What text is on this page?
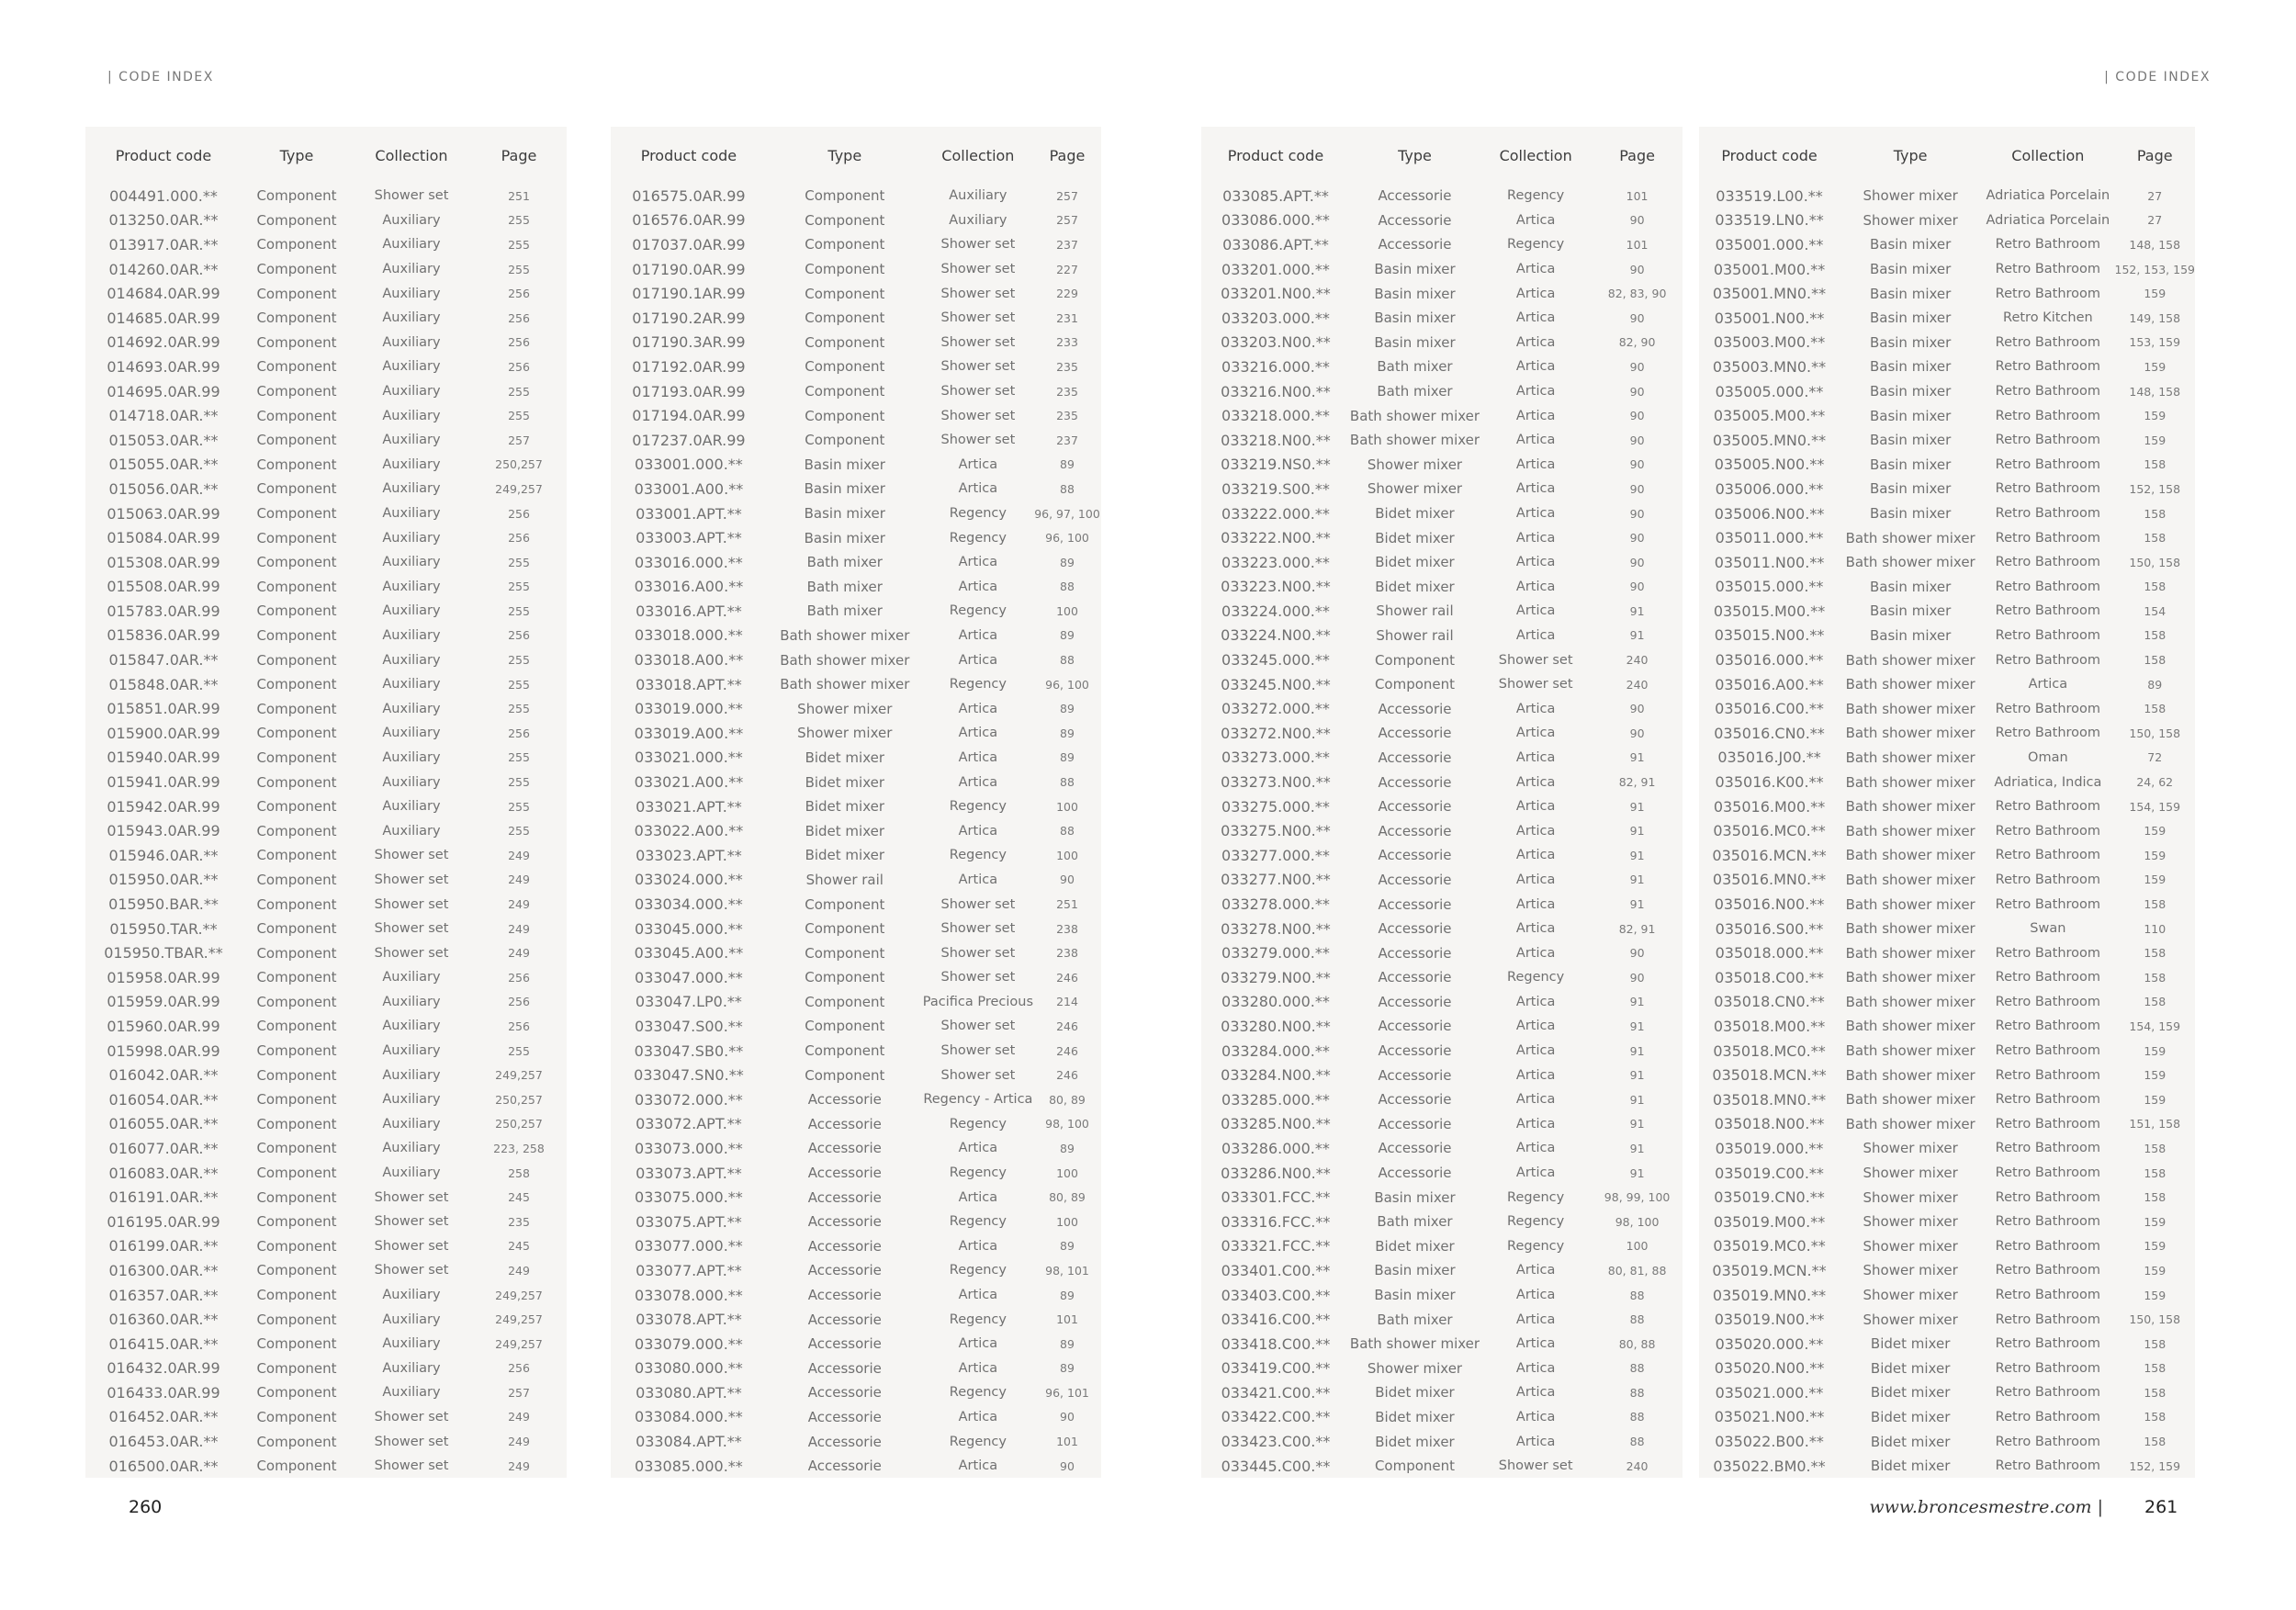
| CODE INDEX	| CODE INDEX
Product code	Type	Collection	Page
004491.000.**	Component	Shower set	251
013250.0AR.**	Component	Auxiliary	255
013917.0AR.**	Component	Auxiliary	255
014260.0AR.**	Component	Auxiliary	255
014684.0AR.99	Component	Auxiliary	256
014685.0AR.99	Component	Auxiliary	256
014692.0AR.99	Component	Auxiliary	256
014693.0AR.99	Component	Auxiliary	256
014695.0AR.99	Component	Auxiliary	255
014718.0AR.**	Component	Auxiliary	255
015053.0AR.**	Component	Auxiliary	257
015055.0AR.**	Component	Auxiliary	250,257
015056.0AR.**	Component	Auxiliary	249,257
015063.0AR.99	Component	Auxiliary	256
015084.0AR.99	Component	Auxiliary	256
015308.0AR.99	Component	Auxiliary	255
015508.0AR.99	Component	Auxiliary	255
015783.0AR.99	Component	Auxiliary	255
015836.0AR.99	Component	Auxiliary	256
015847.0AR.**	Component	Auxiliary	255
015848.0AR.**	Component	Auxiliary	255
015851.0AR.99	Component	Auxiliary	255
015900.0AR.99	Component	Auxiliary	256
015940.0AR.99	Component	Auxiliary	255
015941.0AR.99	Component	Auxiliary	255
015942.0AR.99	Component	Auxiliary	255
015943.0AR.99	Component	Auxiliary	255
015946.0AR.**	Component	Shower set	249
015950.0AR.**	Component	Shower set	249
015950.BAR.**	Component	Shower set	249
015950.TAR.**	Component	Shower set	249
015950.TBAR.**	Component	Shower set	249
015958.0AR.99	Component	Auxiliary	256
015959.0AR.99	Component	Auxiliary	256
015960.0AR.99	Component	Auxiliary	256
015998.0AR.99	Component	Auxiliary	255
016042.0AR.**	Component	Auxiliary	249,257
016054.0AR.**	Component	Auxiliary	250,257
016055.0AR.**	Component	Auxiliary	250,257
016077.0AR.**	Component	Auxiliary	223, 258
016083.0AR.**	Component	Auxiliary	258
016191.0AR.**	Component	Shower set	245
016195.0AR.99	Component	Shower set	235
016199.0AR.**	Component	Shower set	245
016300.0AR.**	Component	Shower set	249
016357.0AR.**	Component	Auxiliary	249,257
016360.0AR.**	Component	Auxiliary	249,257
016415.0AR.**	Component	Auxiliary	249,257
016432.0AR.99	Component	Auxiliary	256
016433.0AR.99	Component	Auxiliary	257
016452.0AR.**	Component	Shower set	249
016453.0AR.**	Component	Shower set	249
016500.0AR.**	Component	Shower set	249
Product code	Type	Collection	Page
016575.0AR.99	Component	Auxiliary	257
016576.0AR.99	Component	Auxiliary	257
017037.0AR.99	Component	Shower set	237
017190.0AR.99	Component	Shower set	227
017190.1AR.99	Component	Shower set	229
017190.2AR.99	Component	Shower set	231
017190.3AR.99	Component	Shower set	233
017192.0AR.99	Component	Shower set	235
017193.0AR.99	Component	Shower set	235
017194.0AR.99	Component	Shower set	235
017237.0AR.99	Component	Shower set	237
033001.000.**	Basin mixer	Artica	89
033001.A00.**	Basin mixer	Artica	88
033001.APT.**	Basin mixer	Regency	96, 97, 100
033003.APT.**	Basin mixer	Regency	96, 100
033016.000.**	Bath mixer	Artica	89
033016.A00.**	Bath mixer	Artica	88
033016.APT.**	Bath mixer	Regency	100
033018.000.**	Bath shower mixer	Artica	89
033018.A00.**	Bath shower mixer	Artica	88
033018.APT.**	Bath shower mixer	Regency	96, 100
033019.000.**	Shower mixer	Artica	89
033019.A00.**	Shower mixer	Artica	89
033021.000.**	Bidet mixer	Artica	89
033021.A00.**	Bidet mixer	Artica	88
033021.APT.**	Bidet mixer	Regency	100
033022.A00.**	Bidet mixer	Artica	88
033023.APT.**	Bidet mixer	Regency	100
033024.000.**	Shower rail	Artica	90
033034.000.**	Component	Shower set	251
033045.000.**	Component	Shower set	238
033045.A00.**	Component	Shower set	238
033047.000.**	Component	Shower set	246
033047.LP0.**	Component	Pacifica Precious	214
033047.S00.**	Component	Shower set	246
033047.SB0.**	Component	Shower set	246
033047.SN0.**	Component	Shower set	246
033072.000.**	Accessorie	Regency - Artica	80, 89
033072.APT.**	Accessorie	Regency	98, 100
033073.000.**	Accessorie	Artica	89
033073.APT.**	Accessorie	Regency	100
033075.000.**	Accessorie	Artica	80, 89
033075.APT.**	Accessorie	Regency	100
033077.000.**	Accessorie	Artica	89
033077.APT.**	Accessorie	Regency	98, 101
033078.000.**	Accessorie	Artica	89
033078.APT.**	Accessorie	Regency	101
033079.000.**	Accessorie	Artica	89
033080.000.**	Accessorie	Artica	89
033080.APT.**	Accessorie	Regency	96, 101
033084.000.**	Accessorie	Artica	90
033084.APT.**	Accessorie	Regency	101
033085.000.**	Accessorie	Artica	90
Product code	Type	Collection	Page
033085.APT.**	Accessorie	Regency	101
033086.000.**	Accessorie	Artica	90
033086.APT.**	Accessorie	Regency	101
033201.000.**	Basin mixer	Artica	90
033201.N00.**	Basin mixer	Artica	82, 83, 90
033203.000.**	Basin mixer	Artica	90
033203.N00.**	Basin mixer	Artica	82, 90
033216.000.**	Bath mixer	Artica	90
033216.N00.**	Bath mixer	Artica	90
033218.000.**	Bath shower mixer	Artica	90
033218.N00.**	Bath shower mixer	Artica	90
033219.NS0.**	Shower mixer	Artica	90
033219.S00.**	Shower mixer	Artica	90
033222.000.**	Bidet mixer	Artica	90
033222.N00.**	Bidet mixer	Artica	90
033223.000.**	Bidet mixer	Artica	90
033223.N00.**	Bidet mixer	Artica	90
033224.000.**	Shower rail	Artica	91
033224.N00.**	Shower rail	Artica	91
033245.000.**	Component	Shower set	240
033245.N00.**	Component	Shower set	240
033272.000.**	Accessorie	Artica	90
033272.N00.**	Accessorie	Artica	90
033273.000.**	Accessorie	Artica	91
033273.N00.**	Accessorie	Artica	82, 91
033275.000.**	Accessorie	Artica	91
033275.N00.**	Accessorie	Artica	91
033277.000.**	Accessorie	Artica	91
033277.N00.**	Accessorie	Artica	91
033278.000.**	Accessorie	Artica	91
033278.N00.**	Accessorie	Artica	82, 91
033279.000.**	Accessorie	Artica	90
033279.N00.**	Accessorie	Regency	90
033280.000.**	Accessorie	Artica	91
033280.N00.**	Accessorie	Artica	91
033284.000.**	Accessorie	Artica	91
033284.N00.**	Accessorie	Artica	91
033285.000.**	Accessorie	Artica	91
033285.N00.**	Accessorie	Artica	91
033286.000.**	Accessorie	Artica	91
033286.N00.**	Accessorie	Artica	91
033301.FCC.**	Basin mixer	Regency	98, 99, 100
033316.FCC.**	Bath mixer	Regency	98, 100
033321.FCC.**	Bidet mixer	Regency	100
033401.C00.**	Basin mixer	Artica	80, 81, 88
033403.C00.**	Basin mixer	Artica	88
033416.C00.**	Bath mixer	Artica	88
033418.C00.**	Bath shower mixer	Artica	80, 88
033419.C00.**	Shower mixer	Artica	88
033421.C00.**	Bidet mixer	Artica	88
033422.C00.**	Bidet mixer	Artica	88
033423.C00.**	Bidet mixer	Artica	88
033445.C00.**	Component	Shower set	240
Product code	Type	Collection	Page
033519.L00.**	Shower mixer	Adriatica Porcelain	27
033519.LN0.**	Shower mixer	Adriatica Porcelain	27
035001.000.**	Basin mixer	Retro Bathroom	148, 158
035001.M00.**	Basin mixer	Retro Bathroom	152, 153, 159
035001.MN0.**	Basin mixer	Retro Bathroom	159
035001.N00.**	Basin mixer	Retro Kitchen	149, 158
035003.M00.**	Basin mixer	Retro Bathroom	153, 159
035003.MN0.**	Basin mixer	Retro Bathroom	159
035005.000.**	Basin mixer	Retro Bathroom	148, 158
035005.M00.**	Basin mixer	Retro Bathroom	159
035005.MN0.**	Basin mixer	Retro Bathroom	159
035005.N00.**	Basin mixer	Retro Bathroom	158
035006.000.**	Basin mixer	Retro Bathroom	152, 158
035006.N00.**	Basin mixer	Retro Bathroom	158
035011.000.**	Bath shower mixer	Retro Bathroom	158
035011.N00.**	Bath shower mixer	Retro Bathroom	150, 158
035015.000.**	Basin mixer	Retro Bathroom	158
035015.M00.**	Basin mixer	Retro Bathroom	154
035015.N00.**	Basin mixer	Retro Bathroom	158
035016.000.**	Bath shower mixer	Retro Bathroom	158
035016.A00.**	Bath shower mixer	Artica	89
035016.C00.**	Bath shower mixer	Retro Bathroom	158
035016.CN0.**	Bath shower mixer	Retro Bathroom	150, 158
035016.J00.**	Bath shower mixer	Oman	72
035016.K00.**	Bath shower mixer	Adriatica, Indica	24, 62
035016.M00.**	Bath shower mixer	Retro Bathroom	154, 159
035016.MC0.**	Bath shower mixer	Retro Bathroom	159
035016.MCN.**	Bath shower mixer	Retro Bathroom	159
035016.MN0.**	Bath shower mixer	Retro Bathroom	159
035016.N00.**	Bath shower mixer	Retro Bathroom	158
035016.S00.**	Bath shower mixer	Swan	110
035018.000.**	Bath shower mixer	Retro Bathroom	158
035018.C00.**	Bath shower mixer	Retro Bathroom	158
035018.CN0.**	Bath shower mixer	Retro Bathroom	158
035018.M00.**	Bath shower mixer	Retro Bathroom	154, 159
035018.MC0.**	Bath shower mixer	Retro Bathroom	159
035018.MCN.**	Bath shower mixer	Retro Bathroom	159
035018.MN0.**	Bath shower mixer	Retro Bathroom	159
035018.N00.**	Bath shower mixer	Retro Bathroom	151, 158
035019.000.**	Shower mixer	Retro Bathroom	158
035019.C00.**	Shower mixer	Retro Bathroom	158
035019.CN0.**	Shower mixer	Retro Bathroom	158
035019.M00.**	Shower mixer	Retro Bathroom	159
035019.MC0.**	Shower mixer	Retro Bathroom	159
035019.MCN.**	Shower mixer	Retro Bathroom	159
035019.MN0.**	Shower mixer	Retro Bathroom	159
035019.N00.**	Shower mixer	Retro Bathroom	150, 158
035020.000.**	Bidet mixer	Retro Bathroom	158
035020.N00.**	Bidet mixer	Retro Bathroom	158
035021.000.**	Bidet mixer	Retro Bathroom	158
035021.N00.**	Bidet mixer	Retro Bathroom	158
035022.B00.**	Bidet mixer	Retro Bathroom	158
035022.BM0.**	Bidet mixer	Retro Bathroom	152, 159
260	www.broncesmestre.com | 261
